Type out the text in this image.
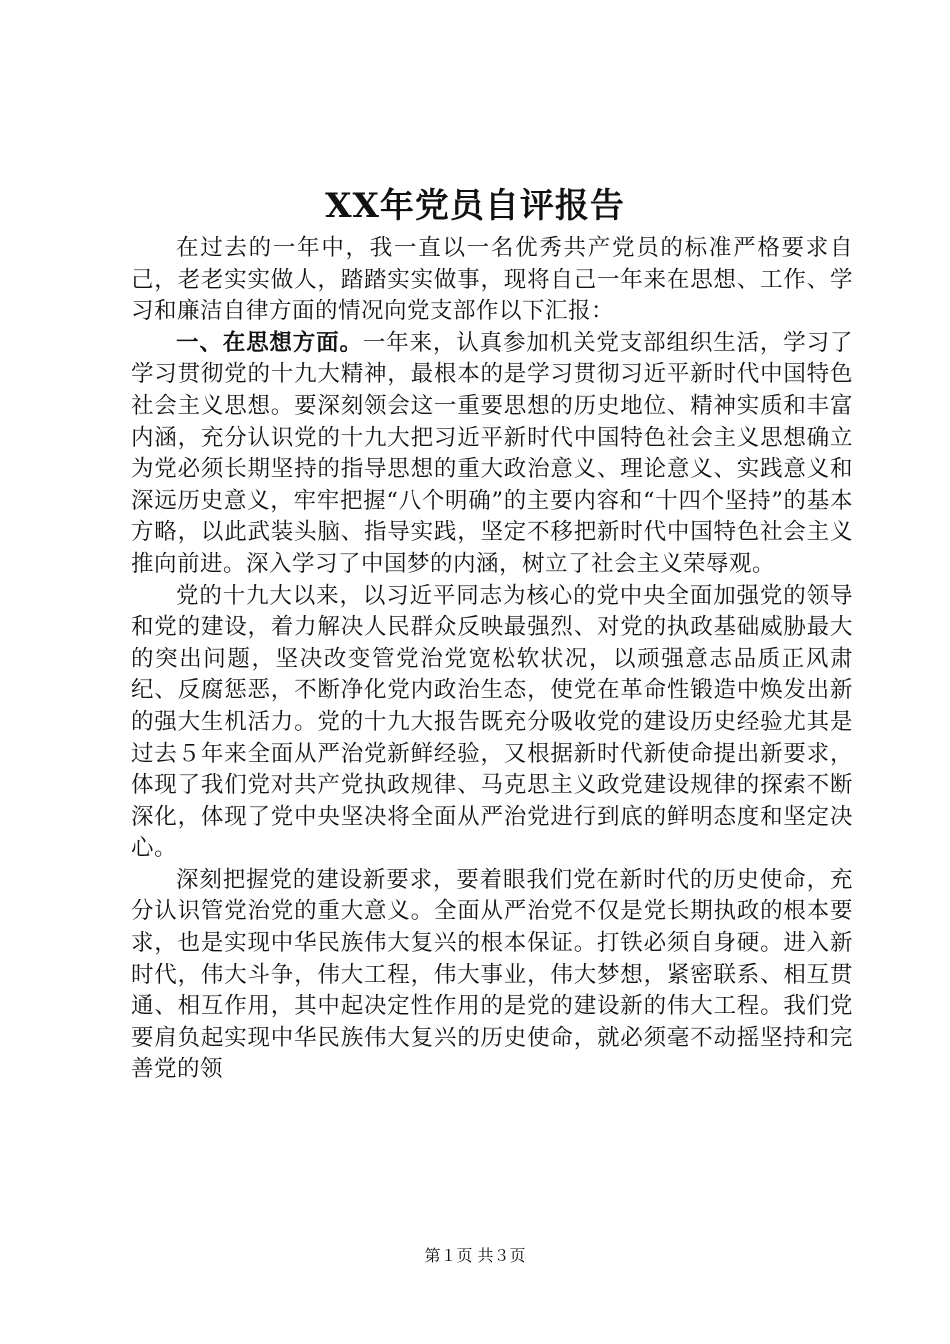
XX年党员自评报告

在过去的一年中，我一直以一名优秀共产党员的标准严格要求自己，老老实实做人，踏踏实实做事，现将自己一年来在思想、工作、学习和廉洁自律方面的情况向党支部作以下汇报：

一、在思想方面。一年来，认真参加机关党支部组织生活，学习了学习贯彻党的十九大精神，最根本的是学习贯彻习近平新时代中国特色社会主义思想。要深刻领会这一重要思想的历史地位、精神实质和丰富内涵，充分认识党的十九大把习近平新时代中国特色社会主义思想确立为党必须长期坚持的指导思想的重大政治意义、理论意义、实践意义和深远历史意义，牢牢把握“八个明确”的主要内容和“十四个坚持”的基本方略，以此武装头脑、指导实践，坚定不移把新时代中国特色社会主义推向前进。深入学习了中国梦的内涵，树立了社会主义荣辱观。

党的十九大以来，以习近平同志为核心的党中央全面加强党的领导和党的建设，着力解决人民群众反映最强烈、对党的执政基础威胁最大的突出问题，坚决改变管党治党宽松软状况，以顽强意志品质正风肃纪、反腐惩恶，不断净化党内政治生态，使党在革命性锻造中焕发出新的强大生机活力。党的十九大报告既充分吸收党的建设历史经验尤其是过去５年来全面从严治党新鲜经验，又根据新时代新使命提出新要求，体现了我们党对共产党执政规律、马克思主义政党建设规律的探索不断深化，体现了党中央坚决将全面从严治党进行到底的鲜明态度和坚定决心。

深刻把握党的建设新要求，要着眼我们党在新时代的历史使命，充分认识管党治党的重大意义。全面从严治党不仅是党长期执政的根本要求，也是实现中华民族伟大复兴的根本保证。打铁必须自身硬。进入新时代，伟大斗争，伟大工程，伟大事业，伟大梦想，紧密联系、相互贯通、相互作用，其中起决定性作用的是党的建设新的伟大工程。我们党要肩负起实现中华民族伟大复兴的历史使命，就必须毫不动摇坚持和完善党的领

第１页 共３页
